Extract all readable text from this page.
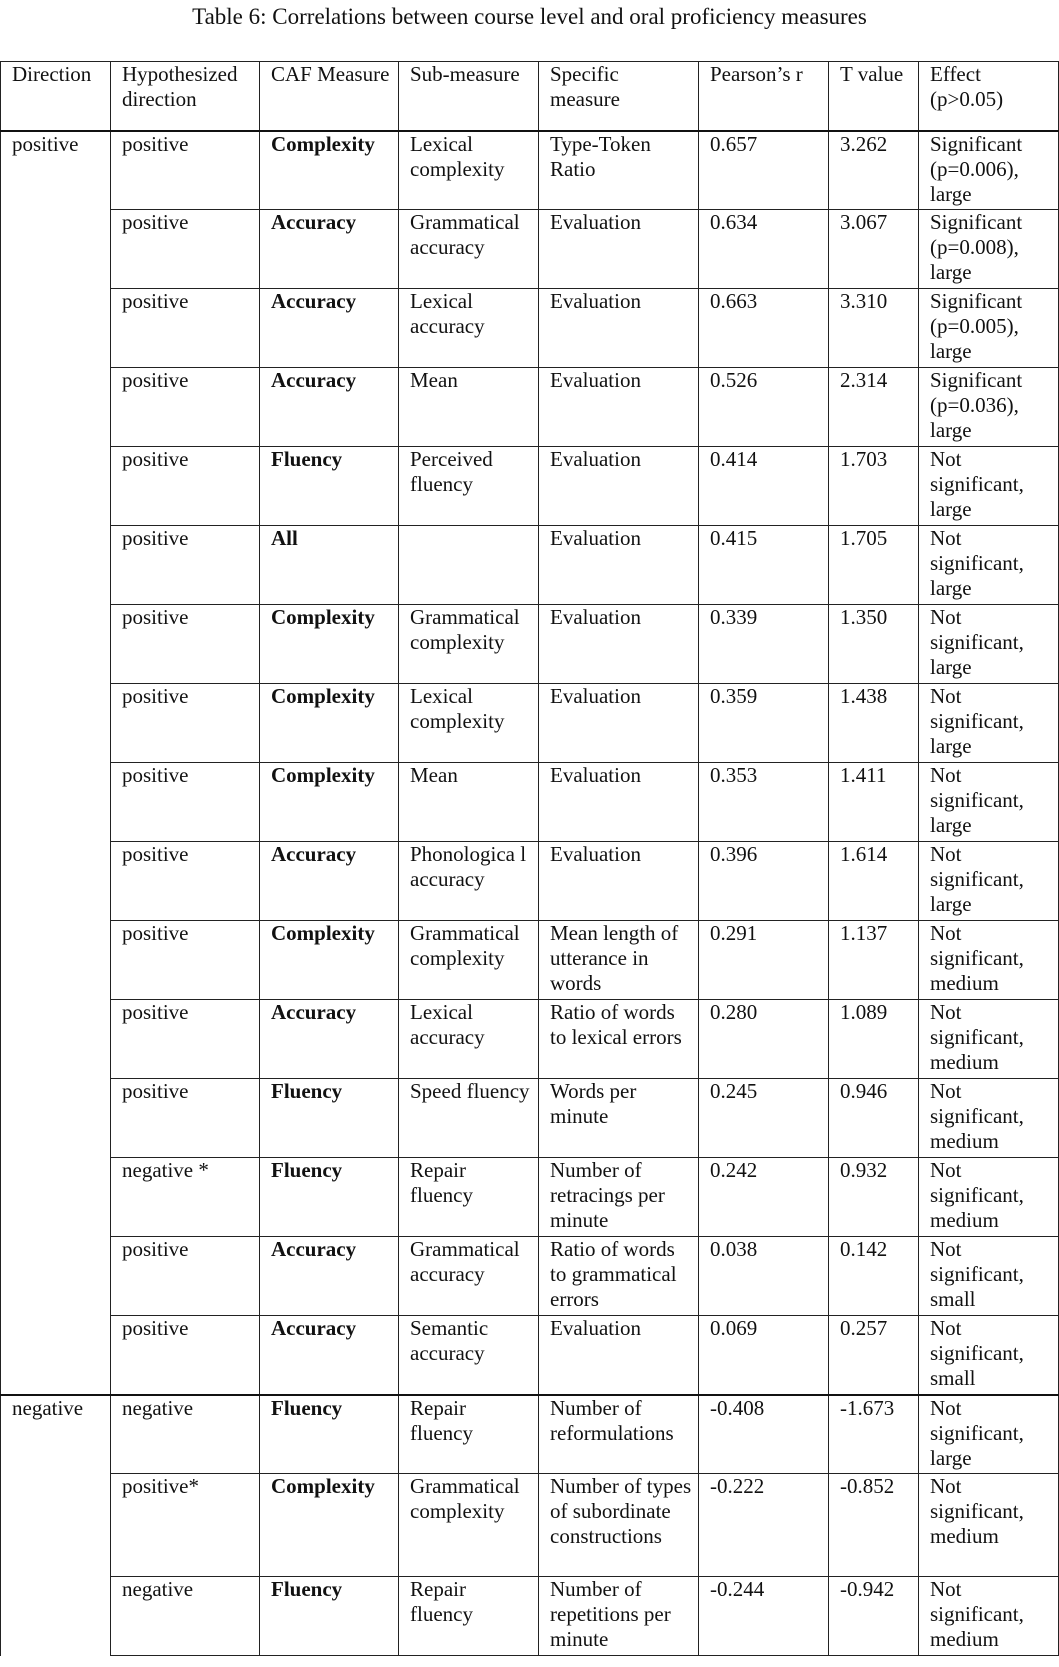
Table 6: Correlations between course level and oral proficiency measures
Direction	Hypothesized direction	CAF Measure	Sub-measure	Specific measure	Pearson’s r	T value	Effect (p>0.05)
positive	positive	Complexity	Lexical complexity	Type-Token Ratio	0.657	3.262	Significant (p=0.006), large
	positive	Accuracy	Grammatical accuracy	Evaluation	0.634	3.067	Significant (p=0.008), large
	positive	Accuracy	Lexical accuracy	Evaluation	0.663	3.310	Significant (p=0.005), large
	positive	Accuracy	Mean	Evaluation	0.526	2.314	Significant (p=0.036), large
	positive	Fluency	Perceived fluency	Evaluation	0.414	1.703	Not significant, large
	positive	All		Evaluation	0.415	1.705	Not significant, large
	positive	Complexity	Grammatical complexity	Evaluation	0.339	1.350	Not significant, large
	positive	Complexity	Lexical complexity	Evaluation	0.359	1.438	Not significant, large
	positive	Complexity	Mean	Evaluation	0.353	1.411	Not significant, large
	positive	Accuracy	Phonologica l accuracy	Evaluation	0.396	1.614	Not significant, large
	positive	Complexity	Grammatical complexity	Mean length of utterance in words	0.291	1.137	Not significant, medium
	positive	Accuracy	Lexical accuracy	Ratio of words to lexical errors	0.280	1.089	Not significant, medium
	positive	Fluency	Speed fluency	Words per minute	0.245	0.946	Not significant, medium
	negative *	Fluency	Repair fluency	Number of retracings per minute	0.242	0.932	Not significant, medium
	positive	Accuracy	Grammatical accuracy	Ratio of words to grammatical errors	0.038	0.142	Not significant, small
	positive	Accuracy	Semantic accuracy	Evaluation	0.069	0.257	Not significant, small
negative	negative	Fluency	Repair fluency	Number of reformulations	-0.408	-1.673	Not significant, large
	positive*	Complexity	Grammatical complexity	Number of types of subordinate constructions	-0.222	-0.852	Not significant, medium
	negative	Fluency	Repair fluency	Number of repetitions per minute	-0.244	-0.942	Not significant, medium
